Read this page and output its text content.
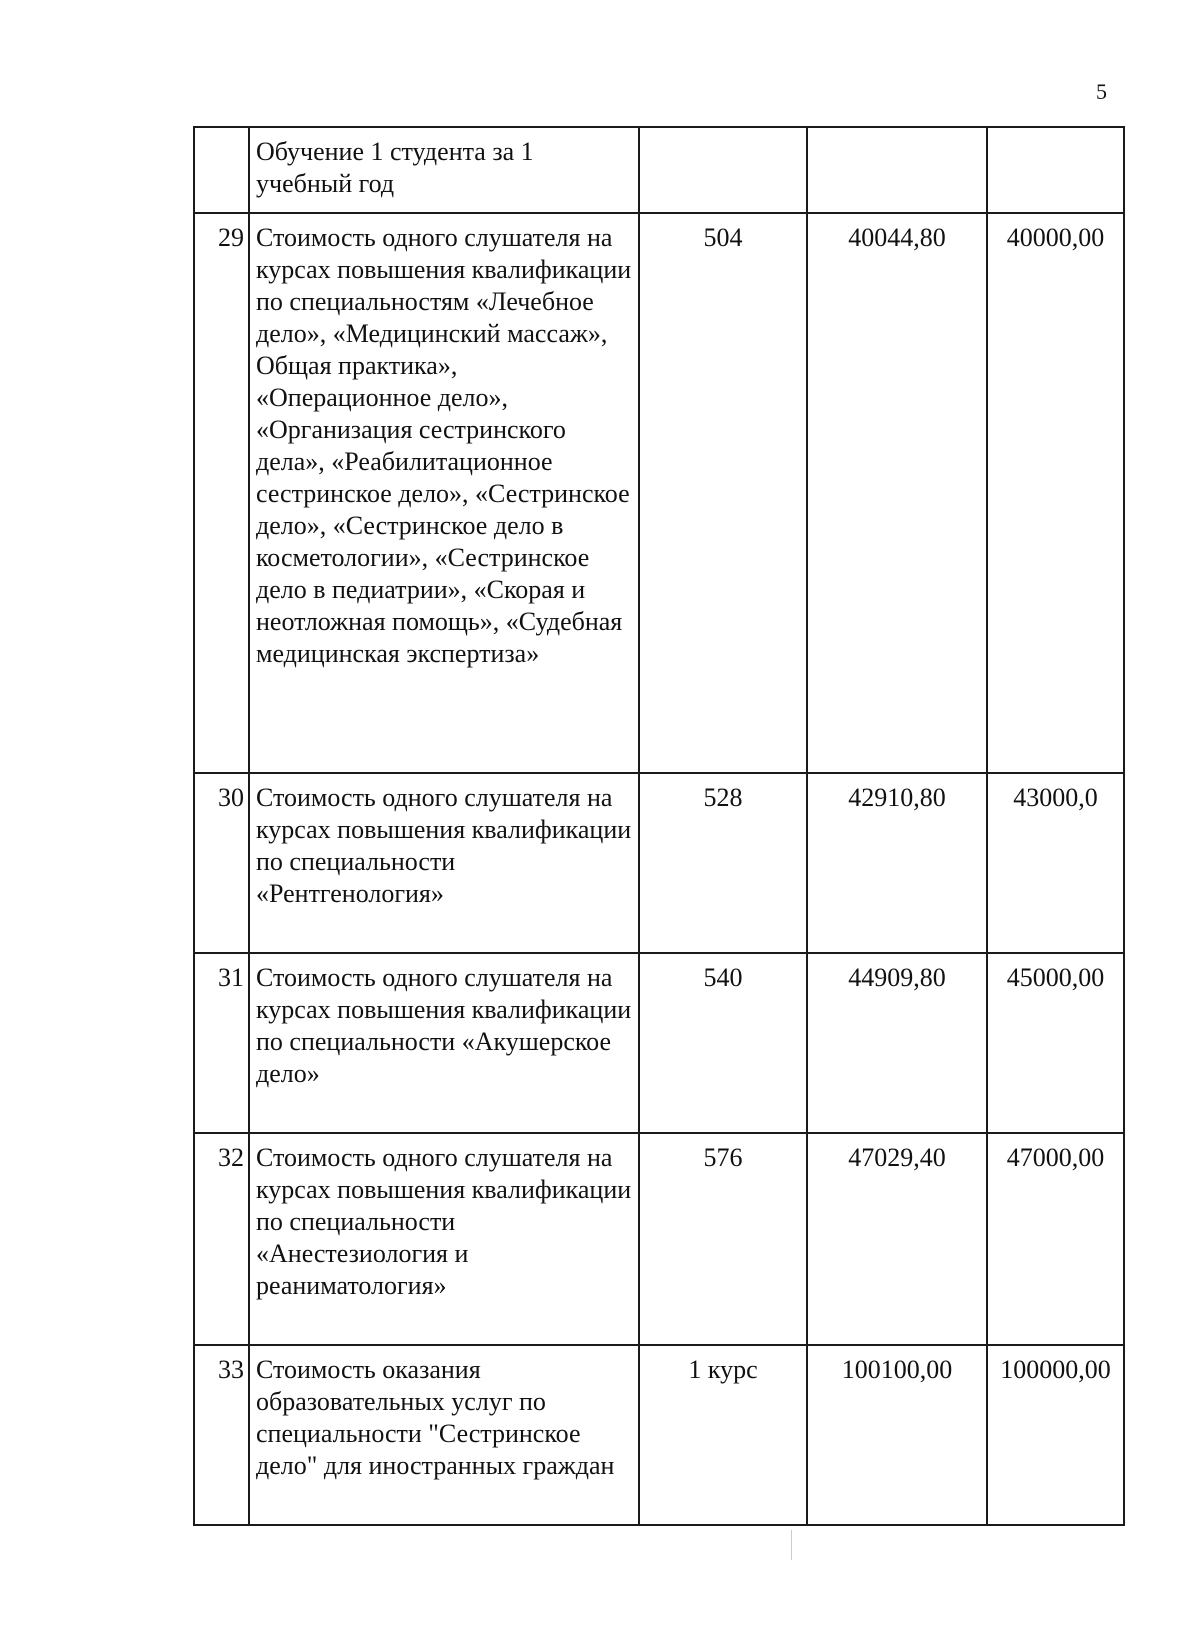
5
	Обучение 1 студента за 1 учебный год			
29	Стоимость одного слушателя на курсах повышения квалификации по специальностям «Лечебное дело», «Медицинский массаж», Общая практика», «Операционное дело», «Организация сестринского дела», «Реабилитационное сестринское дело», «Сестринское дело», «Сестринское дело в косметологии», «Сестринское дело в педиатрии», «Скорая и неотложная помощь», «Судебная медицинская экспертиза»	504	40044,80	40000,00
30	Стоимость одного слушателя на курсах повышения квалификации по специальности «Рентгенология»	528	42910,80	43000,0
31	Стоимость одного слушателя на курсах повышения квалификации по специальности «Акушерское дело»	540	44909,80	45000,00
32	Стоимость одного слушателя на курсах повышения квалификации по специальности «Анестезиология и реаниматология»	576	47029,40	47000,00
33	Стоимость оказания образовательных услуг по специальности "Сестринское дело" для иностранных граждан	1 курс	100100,00	100000,00
